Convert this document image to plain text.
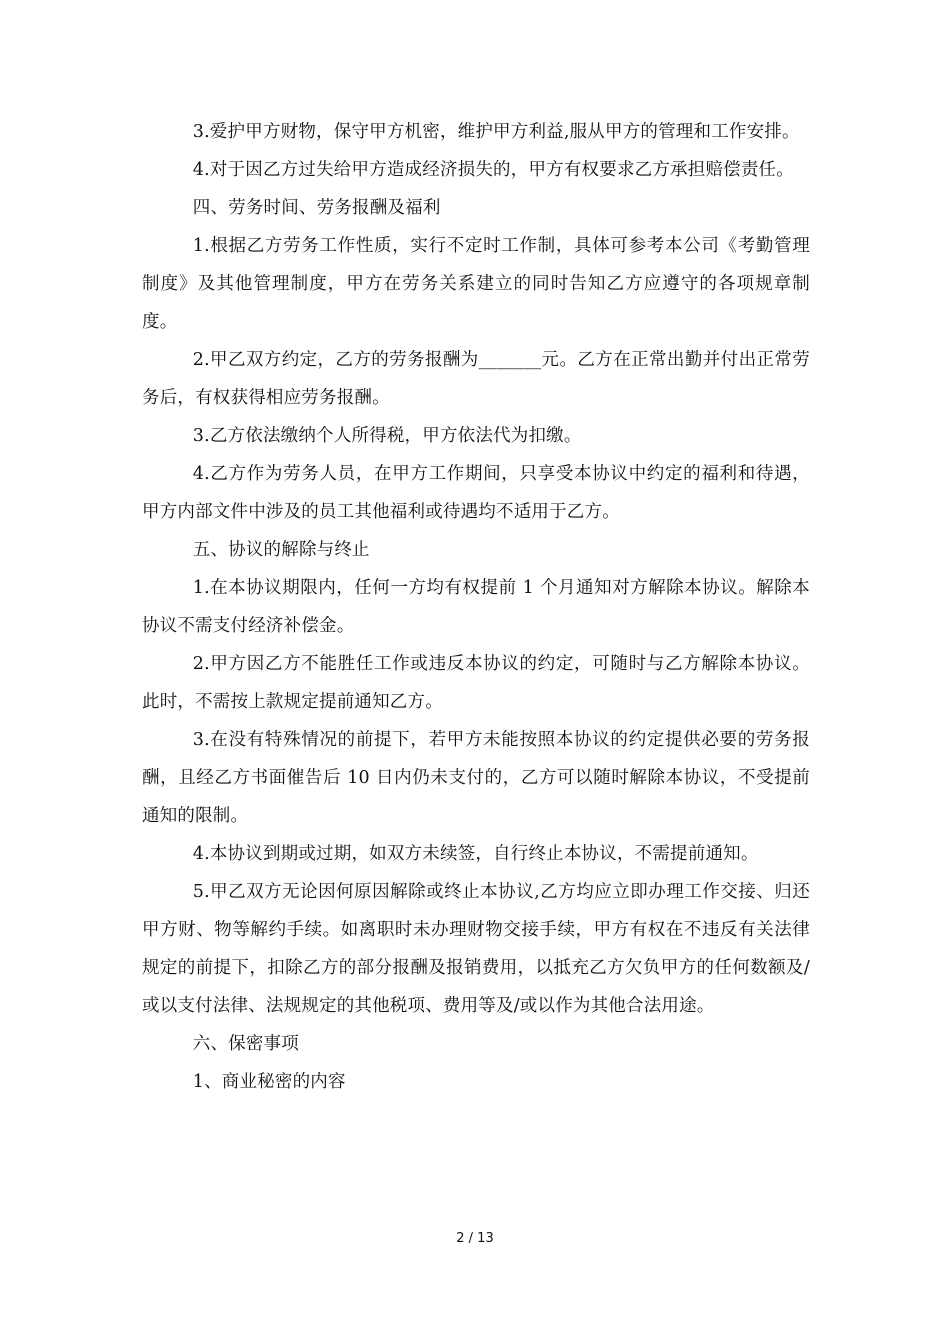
3.爱护甲方财物，保守甲方机密，维护甲方利益,服从甲方的管理和工作安排。

4.对于因乙方过失给甲方造成经济损失的，甲方有权要求乙方承担赔偿责任。

四、劳务时间、劳务报酬及福利

1.根据乙方劳务工作性质，实行不定时工作制，具体可参考本公司《考勤管理制度》及其他管理制度，甲方在劳务关系建立的同时告知乙方应遵守的各项规章制度。

2.甲乙双方约定，乙方的劳务报酬为_______元。乙方在正常出勤并付出正常劳务后，有权获得相应劳务报酬。

3.乙方依法缴纳个人所得税，甲方依法代为扣缴。

4.乙方作为劳务人员，在甲方工作期间，只享受本协议中约定的福利和待遇，甲方内部文件中涉及的员工其他福利或待遇均不适用于乙方。

五、协议的解除与终止

1.在本协议期限内，任何一方均有权提前 1 个月通知对方解除本协议。解除本协议不需支付经济补偿金。

2.甲方因乙方不能胜任工作或违反本协议的约定，可随时与乙方解除本协议。此时，不需按上款规定提前通知乙方。

3.在没有特殊情况的前提下，若甲方未能按照本协议的约定提供必要的劳务报酬，且经乙方书面催告后 10 日内仍未支付的，乙方可以随时解除本协议，不受提前通知的限制。

4.本协议到期或过期，如双方未续签，自行终止本协议，不需提前通知。

5.甲乙双方无论因何原因解除或终止本协议,乙方均应立即办理工作交接、归还甲方财、物等解约手续。如离职时未办理财物交接手续，甲方有权在不违反有关法律规定的前提下，扣除乙方的部分报酬及报销费用，以抵充乙方欠负甲方的任何数额及/或以支付法律、法规规定的其他税项、费用等及/或以作为其他合法用途。

六、保密事项

1、商业秘密的内容

2 / 13
